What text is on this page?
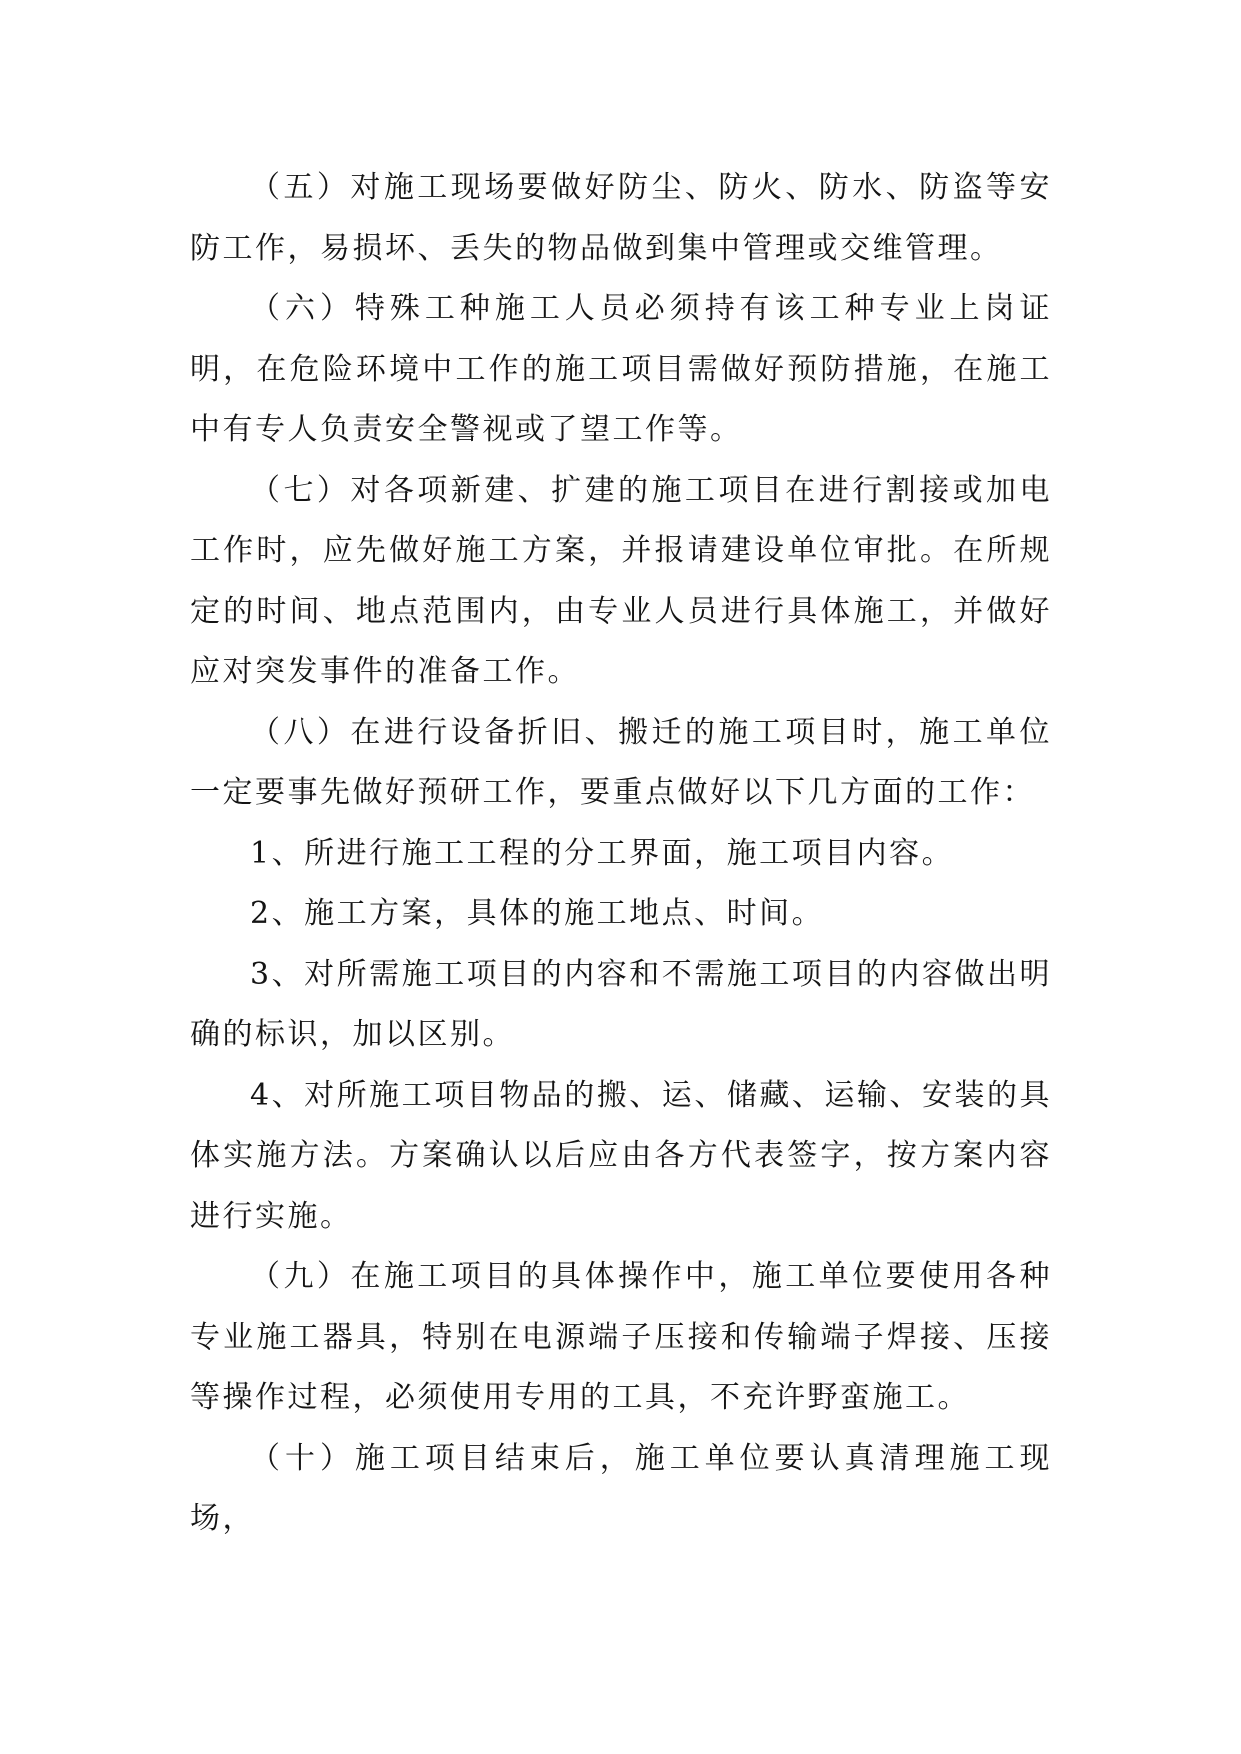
（五）对施工现场要做好防尘、防火、防水、防盗等安防工作，易损坏、丢失的物品做到集中管理或交维管理。

（六）特殊工种施工人员必须持有该工种专业上岗证明，在危险环境中工作的施工项目需做好预防措施，在施工中有专人负责安全警视或了望工作等。

（七）对各项新建、扩建的施工项目在进行割接或加电工作时，应先做好施工方案，并报请建设单位审批。在所规定的时间、地点范围内，由专业人员进行具体施工，并做好应对突发事件的准备工作。

（八）在进行设备折旧、搬迁的施工项目时，施工单位一定要事先做好预研工作，要重点做好以下几方面的工作：

1、所进行施工工程的分工界面，施工项目内容。

2、施工方案，具体的施工地点、时间。

3、对所需施工项目的内容和不需施工项目的内容做出明确的标识，加以区别。

4、对所施工项目物品的搬、运、储藏、运输、安装的具体实施方法。方案确认以后应由各方代表签字，按方案内容进行实施。

（九）在施工项目的具体操作中，施工单位要使用各种专业施工器具，特别在电源端子压接和传输端子焊接、压接等操作过程，必须使用专用的工具，不充许野蛮施工。

（十）施工项目结束后，施工单位要认真清理施工现场，
